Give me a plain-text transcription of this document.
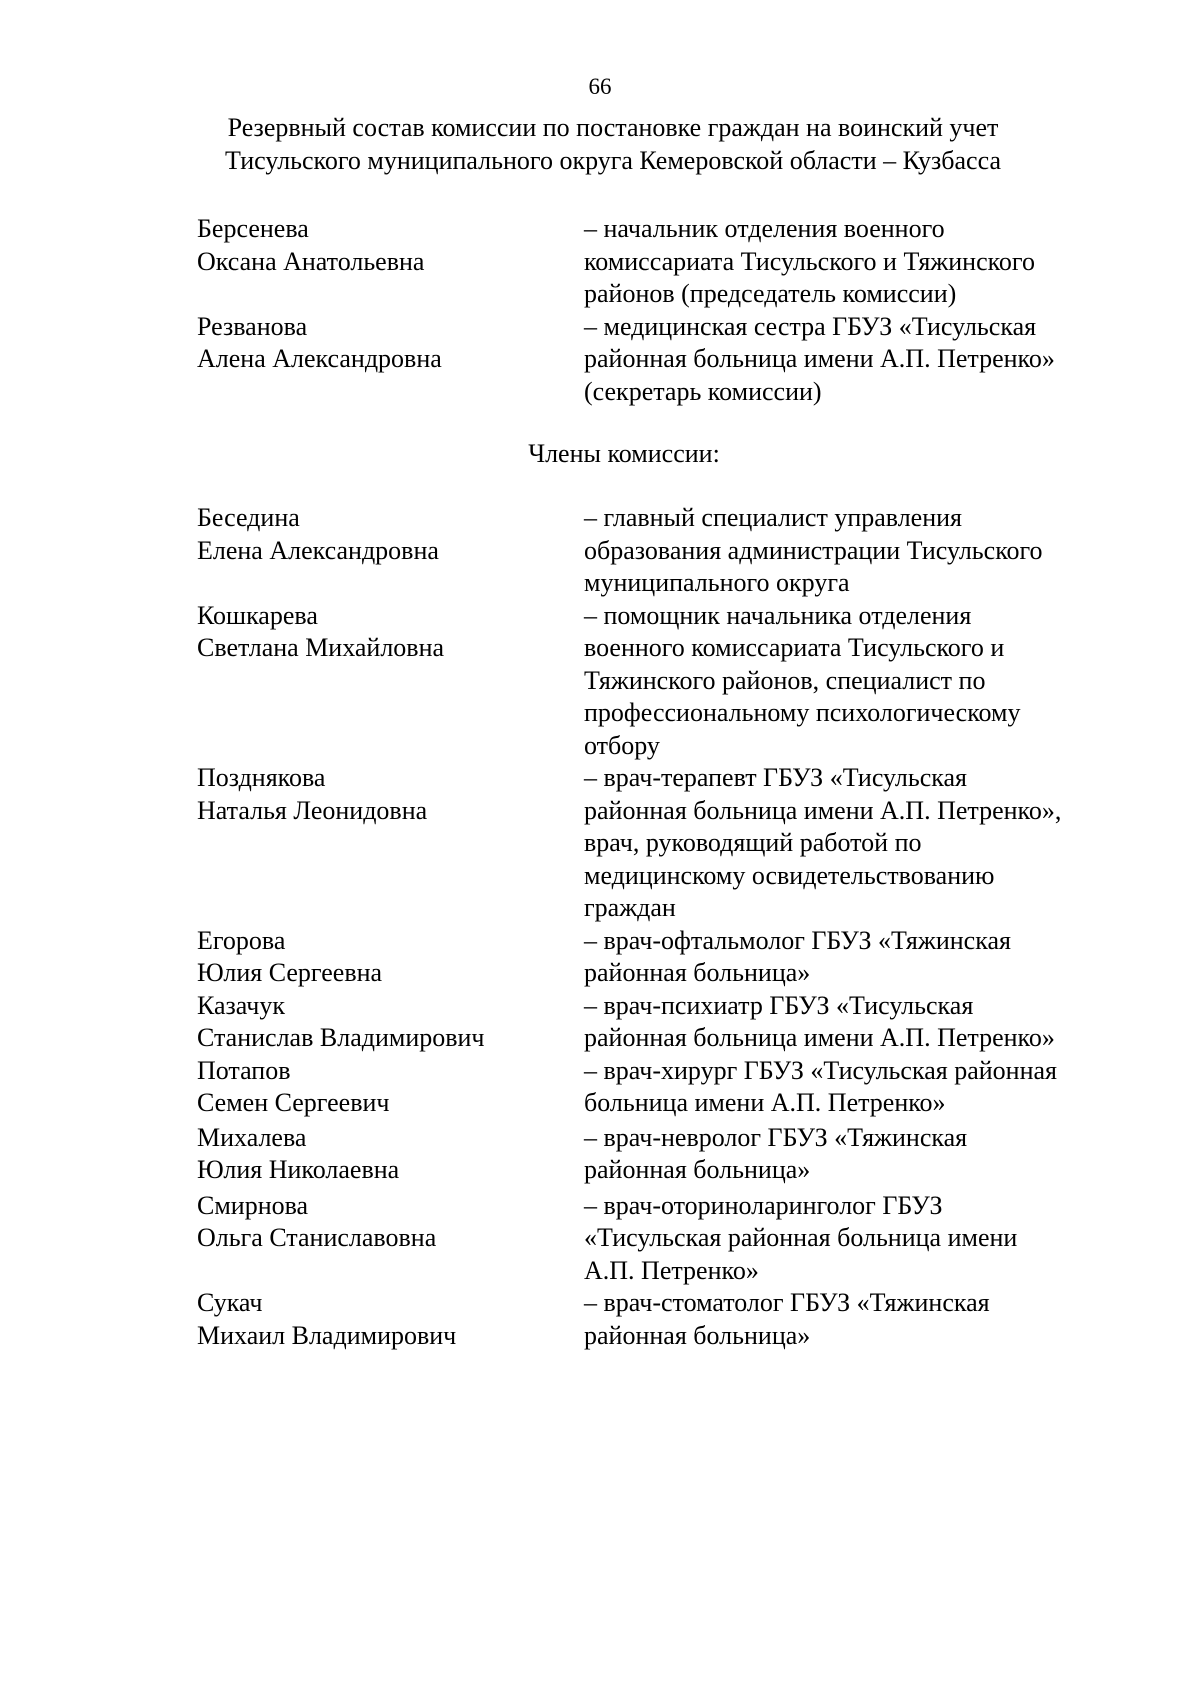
66
Резервный состав комиссии по постановке граждан на воинский учет
Тисульского муниципального округа Кемеровской области – Кузбасса
Берсенева
Оксана Анатольевна
– начальник отделения военного
комиссариата Тисульского и Тяжинского
районов (председатель комиссии)
Резванова
Алена Александровна
– медицинская сестра ГБУЗ «Тисульская
районная больница имени А.П. Петренко»
(секретарь комиссии)
Члены комиссии:
Беседина
Елена Александровна
– главный специалист управления
образования администрации Тисульского
муниципального округа
Кошкарева
Светлана Михайловна
– помощник начальника отделения
военного комиссариата Тисульского и
Тяжинского районов, специалист по
профессиональному психологическому
отбору
Позднякова
Наталья Леонидовна
– врач-терапевт ГБУЗ «Тисульская
районная больница имени А.П. Петренко»,
врач, руководящий работой по
медицинскому освидетельствованию
граждан
Егорова
Юлия Сергеевна
– врач-офтальмолог ГБУЗ «Тяжинская
районная больница»
Казачук
Станислав Владимирович
– врач-психиатр ГБУЗ «Тисульская
районная больница имени А.П. Петренко»
Потапов
Семен Сергеевич
– врач-хирург ГБУЗ «Тисульская районная
больница имени А.П. Петренко»
Михалева
Юлия Николаевна
– врач-невролог ГБУЗ «Тяжинская
районная больница»
Смирнова
Ольга Станиславовна
– врач-оториноларинголог ГБУЗ
«Тисульская районная больница имени
А.П. Петренко»
Сукач
Михаил Владимирович
– врач-стоматолог ГБУЗ «Тяжинская
районная больница»
